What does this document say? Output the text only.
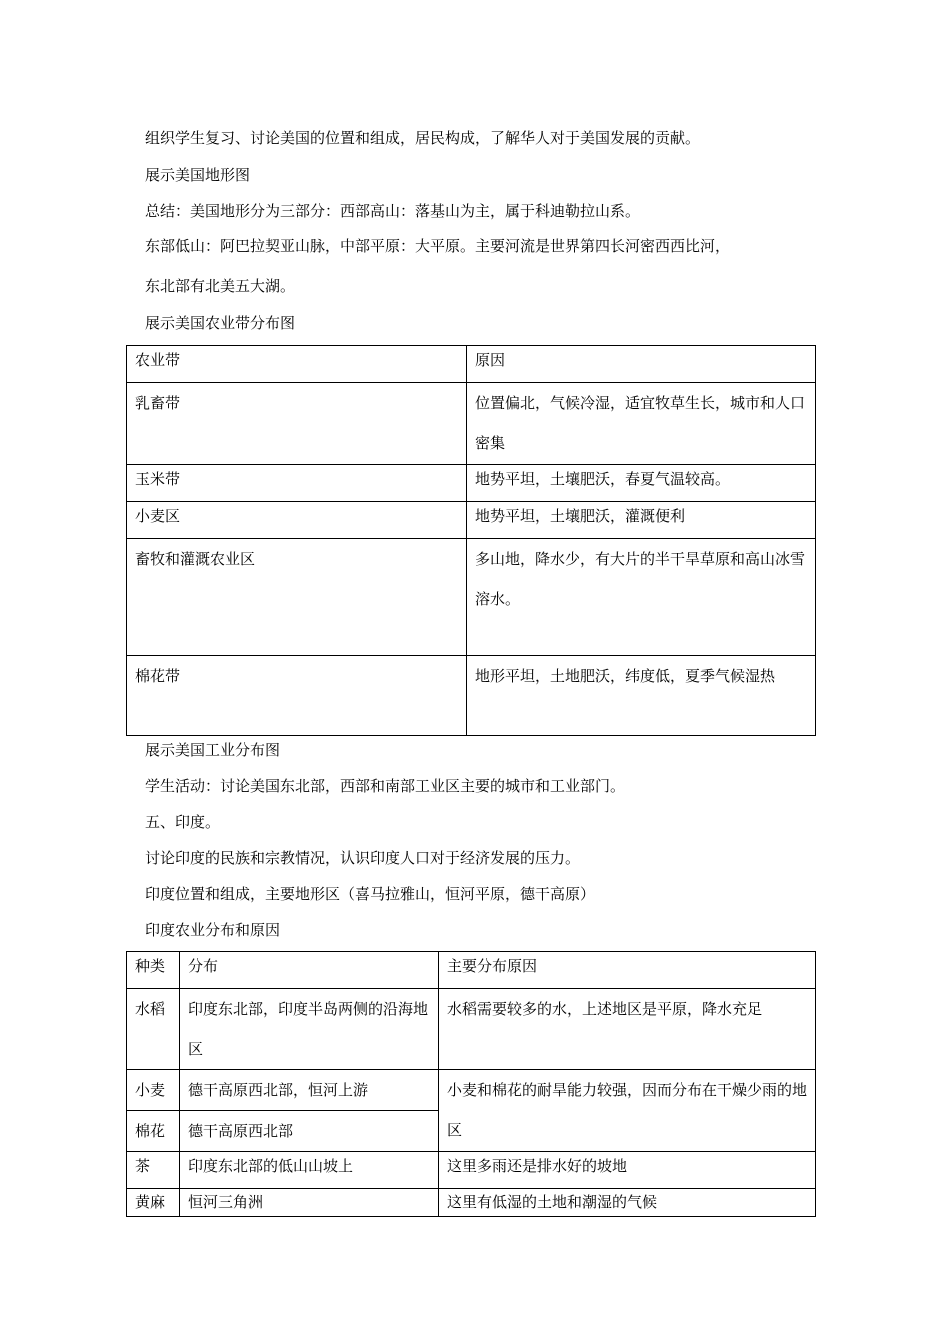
组织学生复习、讨论美国的位置和组成，居民构成，了解华人对于美国发展的贡献。
展示美国地形图
总结：美国地形分为三部分：西部高山：落基山为主，属于科迪勒拉山系。
东部低山：阿巴拉契亚山脉，中部平原：大平原。主要河流是世界第四长河密西西比河，
东北部有北美五大湖。
展示美国农业带分布图
农业带	原因
乳畜带	位置偏北，气候冷湿，适宜牧草生长，城市和人口密集
玉米带	地势平坦，土壤肥沃，春夏气温较高。
小麦区	地势平坦，土壤肥沃，灌溉便利
畜牧和灌溉农业区	多山地，降水少，有大片的半干旱草原和高山冰雪溶水。
棉花带	地形平坦，土地肥沃，纬度低，夏季气候湿热
展示美国工业分布图
学生活动：讨论美国东北部，西部和南部工业区主要的城市和工业部门。
五、印度。
讨论印度的民族和宗教情况，认识印度人口对于经济发展的压力。
印度位置和组成，主要地形区（喜马拉雅山，恒河平原，德干高原）
印度农业分布和原因
种类	分布	主要分布原因
水稻	印度东北部，印度半岛两侧的沿海地区	水稻需要较多的水，上述地区是平原，降水充足
小麦	德干高原西北部，恒河上游	小麦和棉花的耐旱能力较强，因而分布在干燥少雨的地区
棉花	德干高原西北部	
茶	印度东北部的低山山坡上	这里多雨还是排水好的坡地
黄麻	恒河三角洲	这里有低湿的土地和潮湿的气候
